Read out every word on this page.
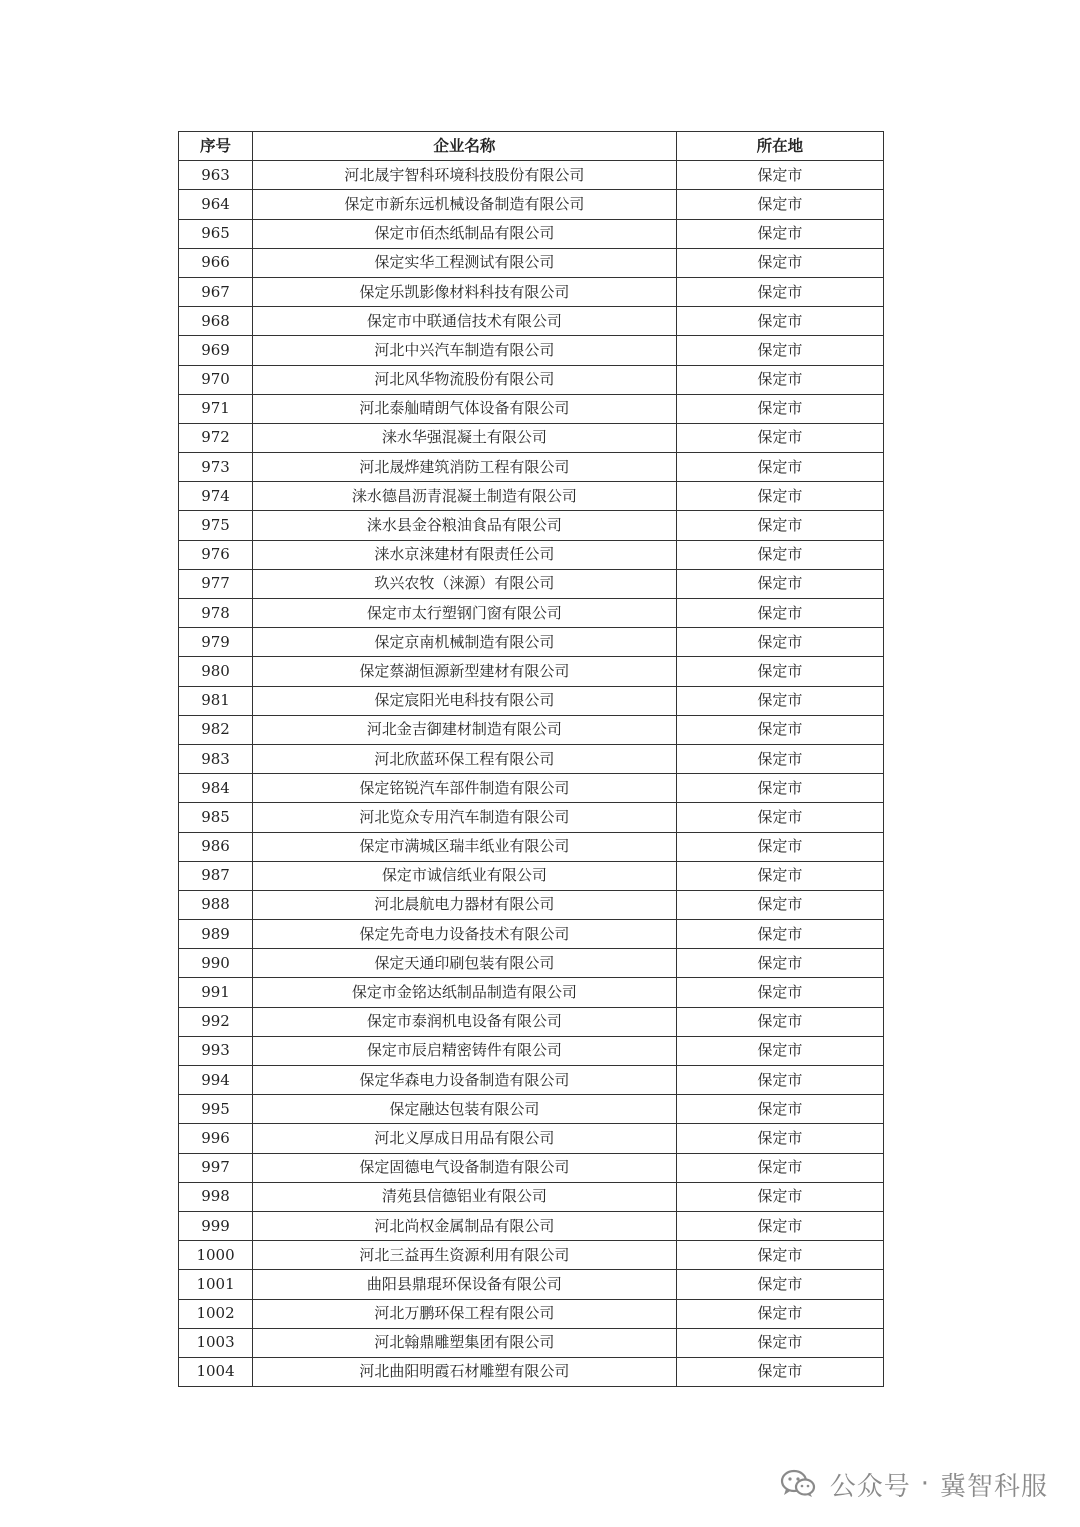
序号	企业名称	所在地
963	河北晟宇智科环境科技股份有限公司	保定市
964	保定市新东远机械设备制造有限公司	保定市
965	保定市佰杰纸制品有限公司	保定市
966	保定实华工程测试有限公司	保定市
967	保定乐凯影像材料科技有限公司	保定市
968	保定市中联通信技术有限公司	保定市
969	河北中兴汽车制造有限公司	保定市
970	河北风华物流股份有限公司	保定市
971	河北泰舢晴朗气体设备有限公司	保定市
972	涞水华强混凝土有限公司	保定市
973	河北晟烨建筑消防工程有限公司	保定市
974	涞水德昌沥青混凝土制造有限公司	保定市
975	涞水县金谷粮油食品有限公司	保定市
976	涞水京涞建材有限责任公司	保定市
977	玖兴农牧（涞源）有限公司	保定市
978	保定市太行塑钢门窗有限公司	保定市
979	保定京南机械制造有限公司	保定市
980	保定蔡湖恒源新型建材有限公司	保定市
981	保定宸阳光电科技有限公司	保定市
982	河北金吉御建材制造有限公司	保定市
983	河北欣蓝环保工程有限公司	保定市
984	保定铭锐汽车部件制造有限公司	保定市
985	河北览众专用汽车制造有限公司	保定市
986	保定市满城区瑞丰纸业有限公司	保定市
987	保定市诚信纸业有限公司	保定市
988	河北晨航电力器材有限公司	保定市
989	保定先奇电力设备技术有限公司	保定市
990	保定天通印刷包装有限公司	保定市
991	保定市金铭达纸制品制造有限公司	保定市
992	保定市泰润机电设备有限公司	保定市
993	保定市辰启精密铸件有限公司	保定市
994	保定华森电力设备制造有限公司	保定市
995	保定融达包装有限公司	保定市
996	河北义厚成日用品有限公司	保定市
997	保定固德电气设备制造有限公司	保定市
998	清苑县信德铝业有限公司	保定市
999	河北尚权金属制品有限公司	保定市
1000	河北三益再生资源利用有限公司	保定市
1001	曲阳县鼎琨环保设备有限公司	保定市
1002	河北万鹏环保工程有限公司	保定市
1003	河北翰鼎雕塑集团有限公司	保定市
1004	河北曲阳明霞石材雕塑有限公司	保定市
公众号 · 冀智科服
